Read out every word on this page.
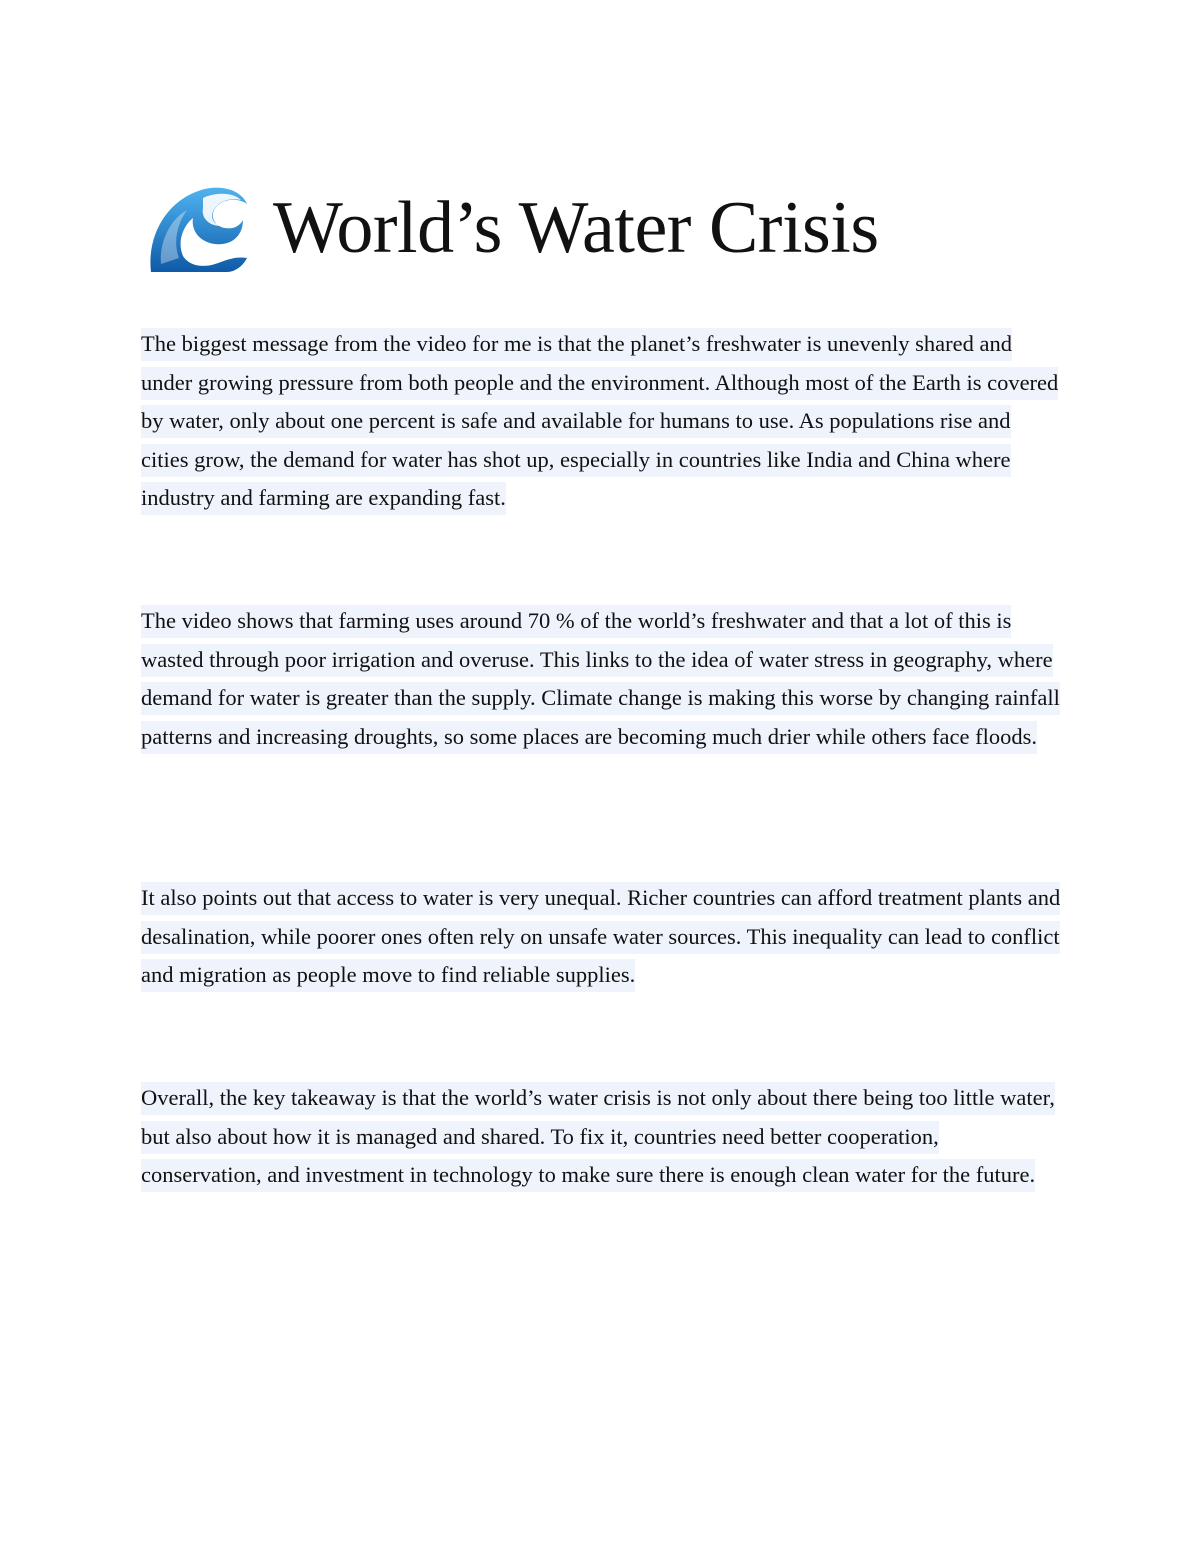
World’s Water Crisis

The biggest message from the video for me is that the planet’s freshwater is unevenly shared and under growing pressure from both people and the environment. Although most of the Earth is covered by water, only about one percent is safe and available for humans to use. As populations rise and cities grow, the demand for water has shot up, especially in countries like India and China where industry and farming are expanding fast.

The video shows that farming uses around 70 % of the world’s freshwater and that a lot of this is wasted through poor irrigation and overuse. This links to the idea of water stress in geography, where demand for water is greater than the supply. Climate change is making this worse by changing rainfall patterns and increasing droughts, so some places are becoming much drier while others face floods.

It also points out that access to water is very unequal. Richer countries can afford treatment plants and desalination, while poorer ones often rely on unsafe water sources. This inequality can lead to conflict and migration as people move to find reliable supplies.

Overall, the key takeaway is that the world’s water crisis is not only about there being too little water, but also about how it is managed and shared. To fix it, countries need better cooperation, conservation, and investment in technology to make sure there is enough clean water for the future.
